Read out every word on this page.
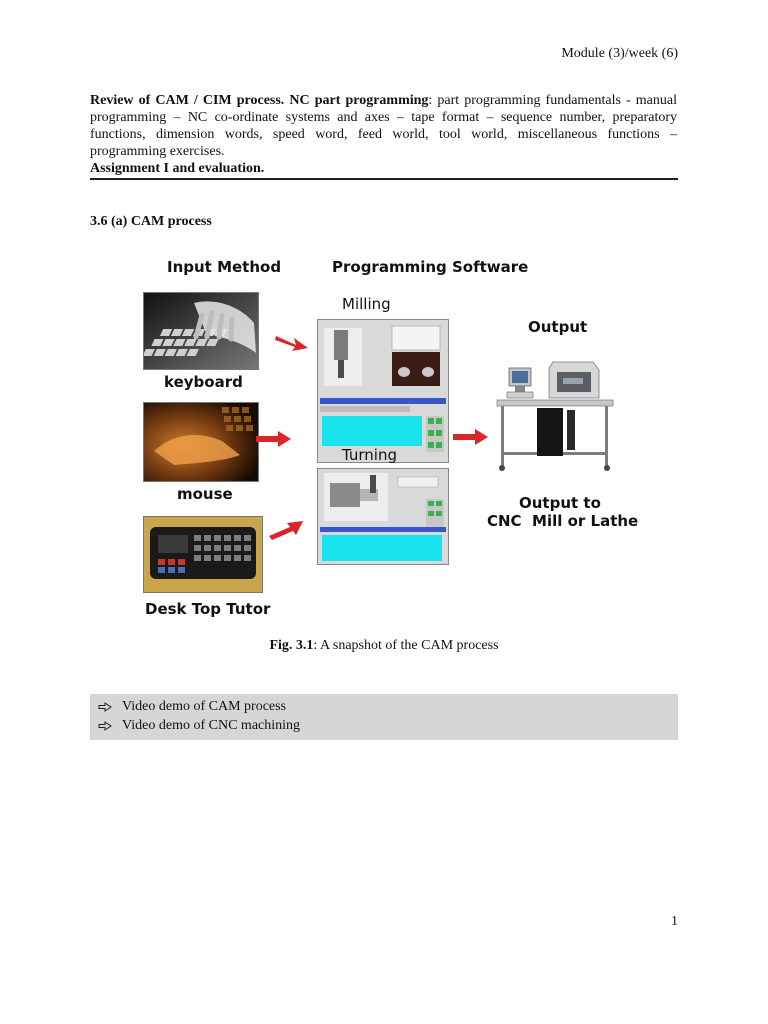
Module (3)/week (6)
Review of CAM / CIM process. NC part programming: part programming fundamentals - manual programming – NC co-ordinate systems and axes – tape format – sequence number, preparatory functions, dimension words, speed word, feed world, tool world, miscellaneous functions – programming exercises.
Assignment I and evaluation.
3.6 (a) CAM process
Input Method	Programming Software
Output
keyboard
mouse
Desk Top Tutor
Milling
Turning
Output to
CNC  Mill or Lathe
Fig. 3.1: A snapshot of the CAM process
Video demo of CAM process
Video demo of CNC machining
1
